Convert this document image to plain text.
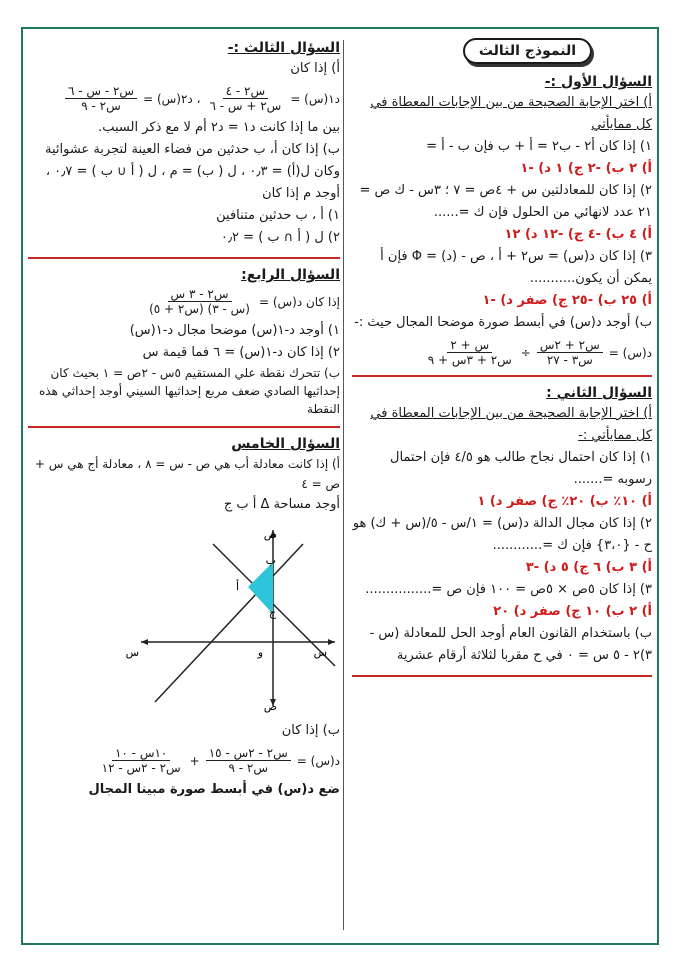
النموذج الثالث

السؤال الأول :-

أ) اختر الإجابة الصحيحة من بين الإجابات المعطاة في كل ممايأتي

١) إذا كان أ٢ - ب٢ = أ + ب فإن ب - أ =

أ) ٢ ب) -٢ ج) ١ د) -١

٢) إذا كان للمعادلتين س + ٤ص = ٧ ؛ ٣س - ك ص = ٢١ عدد لانهائي من الحلول فإن ك =......

أ) ٤ ب) -٤ ج) -١٢ د) ١٢

٣) إذا كان د(س) = س٢ + أ ، ص - (د) = Φ فإن أ يمكن أن يكون...........

أ) ٢٥ ب) -٢٥ ج) صفر د) -١

ب) أوجد د(س) في أبسط صورة موضحا المجال حيث :-

د(س) =
$\frac{\text{س٢ + ٢س}}{\text{س٣ - ٢٧}}$
÷
$\frac{\text{س + ٢}}{\text{س٢ + ٣س + ٩}}$

السؤال الثاني :

أ) اختر الإجابة الصحيحة من بين الإجابات المعطاة في كل ممايأتي :-

١) إذا كان احتمال نجاح طالب هو ٤/٥ فإن احتمال رسوبه =.......

أ) ١٠٪ ب) ٢٠٪ ج) صفر د) ١

٢) إذا كان مجال الدالة د(س) = ١/س - ٥/(س + ك) هو ح - {٣،٠} فإن ك =............

أ) ٣ ب) ٦ ج) ٥ د) -٣

٣) إذا كان ٥ص × ٥ص = ١٠٠ فإن ص =................

أ) ٢ ب) ١٠ ج) صفر د) ٢٠

ب) باستخدام القانون العام أوجد الحل للمعادلة (س - ٣)٢ - ٥ س = ٠ في ح مقربا لثلاثة أرقام عشرية

السؤال الثالث :-

أ) إذا كان

د١(س) =
$\frac{\text{س٢ - ٤}}{\text{س٢ + س - ٦}}$
، د٢(س) =
$\frac{\text{س٢ - س - ٦}}{\text{س٢ - ٩}}$

بين ما إذا كانت د١ = د٢ أم لا مع ذكر السبب.

ب) إذا كان أ، ب حدثين من فضاء العينة لتجربة عشوائية وكان ل(أ) = ٠٫٣ ، ل ( ب) = م ، ل ( أ ∪ ب ) = ٠٫٧ ، أوجد م إذا كان

١) أ ، ب حدثين متنافين

٢) ل ( أ ∩ ب ) = ٠٫٢

السؤال الرابع:

إذا كان د(س) =
$\frac{\text{س٢ - ٣ س}}{\text{(س - ٣) (س٢ + ٥)}}$

١) أوجد د-١(س) موضحا مجال د-١(س)

٢) إذا كان د-١(س) = ٦ فما قيمة س

ب) تتحرك نقطة علي المستقيم ٥س - ٢ص = ١ بحيث كان إحداثيها الصادي ضعف مربع إحداثيها السيني أوجد إحداثي هذه النقطة

السؤال الخامس

أ) إذا كانت معادلة أب هي ص - س = ٨ ، معادلة أج هي س + ص = ٤

أوجد مساحة Δ أ ب ج

أ
ب
ج
س
س
ص
ص
و

ب) إذا كان

د(س) =
$\frac{\text{س٢ - ٢س - ١٥}}{\text{س٢ - ٩}}$
+
$\frac{\text{١٠س - ١٠}}{\text{س٢ - ٢س - ١٢}}$

ضع د(س) في أبسط صورة مبينا المجال
